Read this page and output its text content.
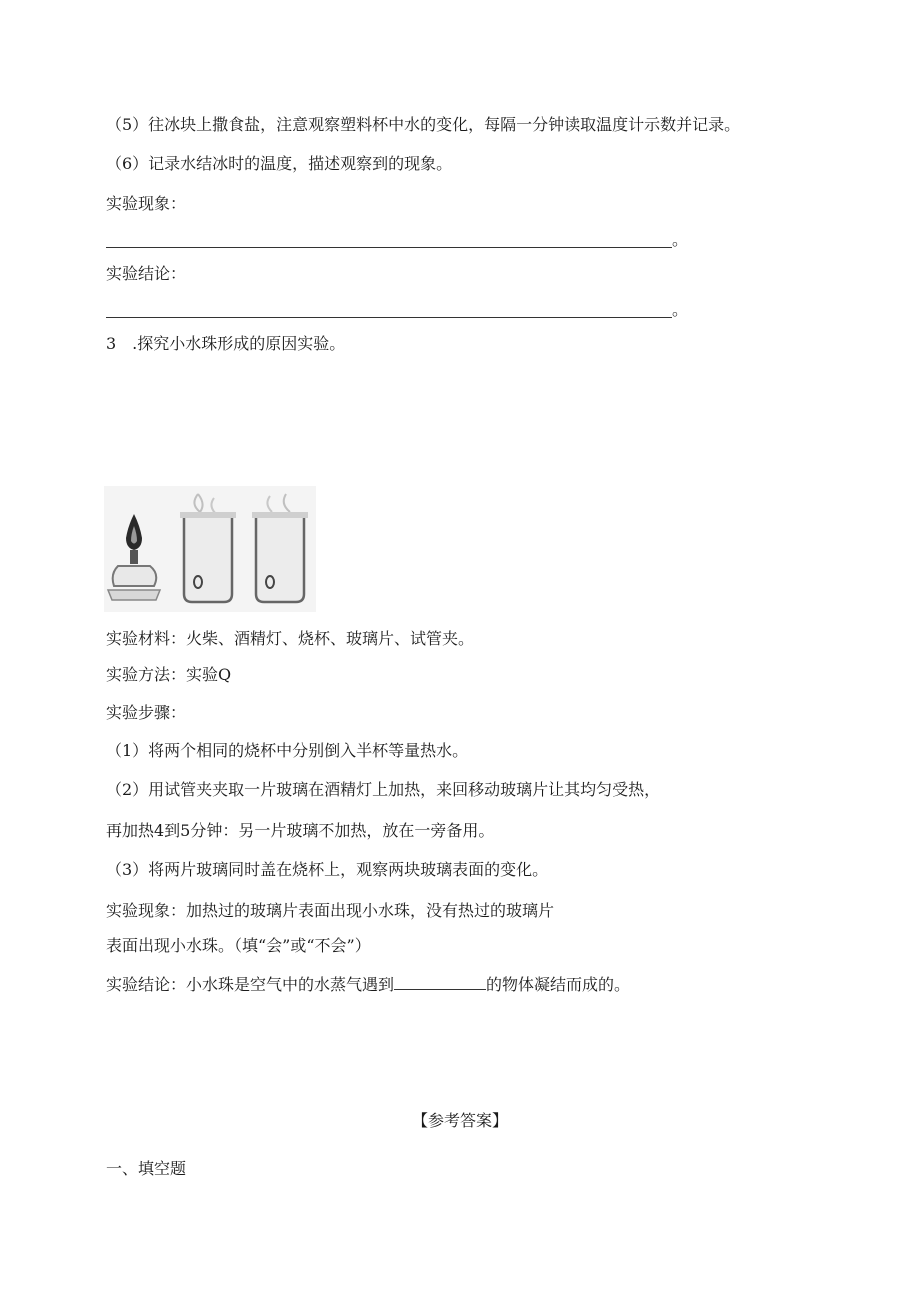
（5）往冰块上撒食盐，注意观察塑料杯中水的变化，每隔一分钟读取温度计示数并记录。
（6）记录水结冰时的温度，描述观察到的现象。
实验现象：
。
实验结论：
。
3 .探究小水珠形成的原因实验。
实验材料：火柴、酒精灯、烧杯、玻璃片、试管夹。
实验方法：实验Q
实验步骤：
（1）将两个相同的烧杯中分别倒入半杯等量热水。
（2）用试管夹夹取一片玻璃在酒精灯上加热，来回移动玻璃片让其均匀受热，
再加热4到5分钟：另一片玻璃不加热，放在一旁备用。
（3）将两片玻璃同时盖在烧杯上，观察两块玻璃表面的变化。
实验现象：加热过的玻璃片表面出现小水珠，没有热过的玻璃片
表面出现小水珠。（填“会”或“不会”）
实验结论：小水珠是空气中的水蒸气遇到	的物体凝结而成的。
【参考答案】
一、填空题
